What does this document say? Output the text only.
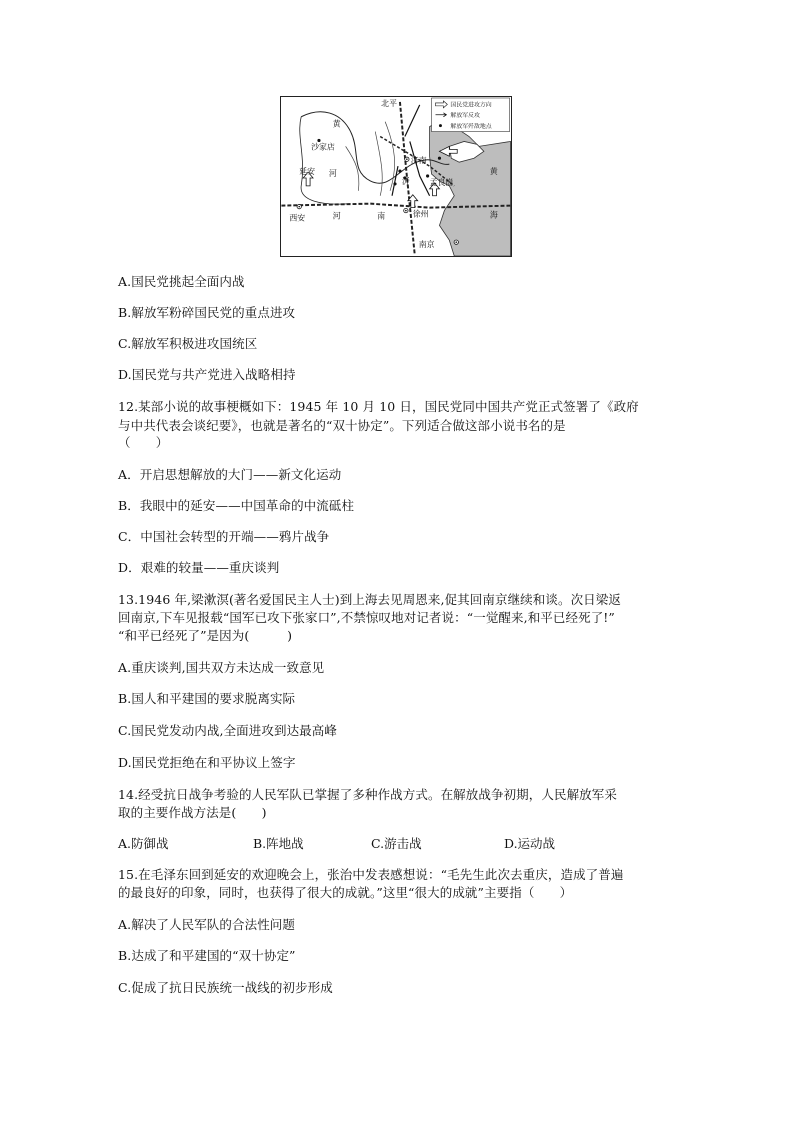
国民党进攻方向
解放军反攻
解放军歼敌地点
北平
黄
沙家店
延安 河
济南
沂 孟良崮
黄
海
西安	河	南	徐州
南京
A.国民党挑起全面内战
B.解放军粉碎国民党的重点进攻
C.解放军积极进攻国统区
D.国民党与共产党进入战略相持
12.某部小说的故事梗概如下：1945 年 10 月 10 日，国民党同中国共产党正式签署了《政府
与中共代表会谈纪要》，也就是著名的“双十协定”。下列适合做这部小说书名的是
（　　）
A．开启思想解放的大门——新文化运动
B．我眼中的延安——中国革命的中流砥柱
C．中国社会转型的开端——鸦片战争
D．艰难的较量——重庆谈判
13.1946 年,梁漱溟(著名爱国民主人士)到上海去见周恩来,促其回南京继续和谈。次日梁返
回南京,下车见报载“国军已攻下张家口”,不禁惊叹地对记者说：“一觉醒来,和平已经死了!”
“和平已经死了”是因为(　　　)
A.重庆谈判,国共双方未达成一致意见
B.国人和平建国的要求脱离实际
C.国民党发动内战,全面进攻到达最高峰
D.国民党拒绝在和平协议上签字
14.经受抗日战争考验的人民军队已掌握了多种作战方式。在解放战争初期，人民解放军采
取的主要作战方法是(　　)
A.防御战	B.阵地战	C.游击战	D.运动战
15.在毛泽东回到延安的欢迎晚会上，张治中发表感想说：“毛先生此次去重庆，造成了普遍
的最良好的印象，同时，也获得了很大的成就。”这里“很大的成就”主要指（　　）
A.解决了人民军队的合法性问题
B.达成了和平建国的“双十协定”
C.促成了抗日民族统一战线的初步形成
